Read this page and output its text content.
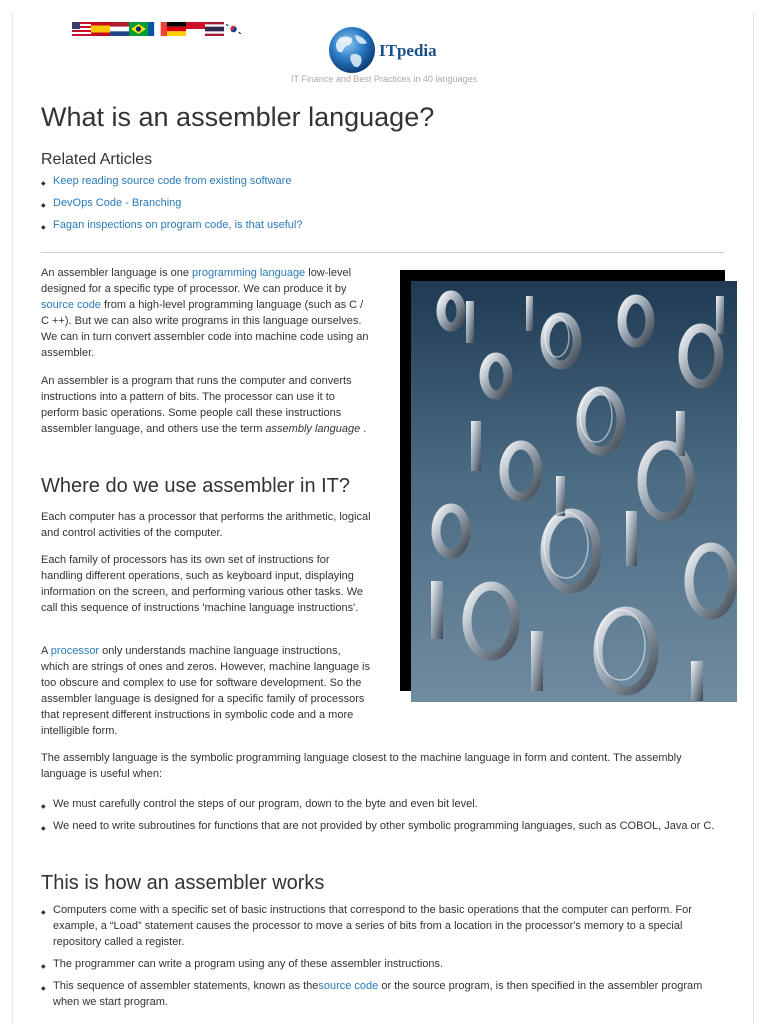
ITpedia
IT Finance and Best Practices in 40 languages
What is an assembler language?
Related Articles
◆ Keep reading source code from existing software
◆ DevOps Code - Branching
◆ Fagan inspections on program code, is that useful?

An assembler language is one programming language low-level designed for a specific type of processor. We can produce it by source code from a high-level programming language (such as C / C ++). But we can also write programs in this language ourselves. We can in turn convert assembler code into machine code using an assembler.

An assembler is a program that runs the computer and converts instructions into a pattern of bits. The processor can use it to perform basic operations. Some people call these instructions assembler language, and others use the term assembly language .

Where do we use assembler in IT?
Each computer has a processor that performs the arithmetic, logical and control activities of the computer.
Each family of processors has its own set of instructions for handling different operations, such as keyboard input, displaying information on the screen, and performing various other tasks. We call this sequence of instructions 'machine language instructions'.

A processor only understands machine language instructions, which are strings of ones and zeros. However, machine language is too obscure and complex to use for software development. So the assembler language is designed for a specific family of processors that represent different instructions in symbolic code and a more intelligible form.

The assembly language is the symbolic programming language closest to the machine language in form and content. The assembly language is useful when:
◆ We must carefully control the steps of our program, down to the byte and even bit level.
◆ We need to write subroutines for functions that are not provided by other symbolic programming languages, such as COBOL, Java or C.
This is how an assembler works
◆ Computers come with a specific set of basic instructions that correspond to the basic operations that the computer can perform. For example, a “Load” statement causes the processor to move a series of bits from a location in the processor's memory to a special repository called a register.
◆ The programmer can write a program using any of these assembler instructions.
◆ This sequence of assembler statements, known as thesource code or the source program, is then specified in the assembler program when we start program.
